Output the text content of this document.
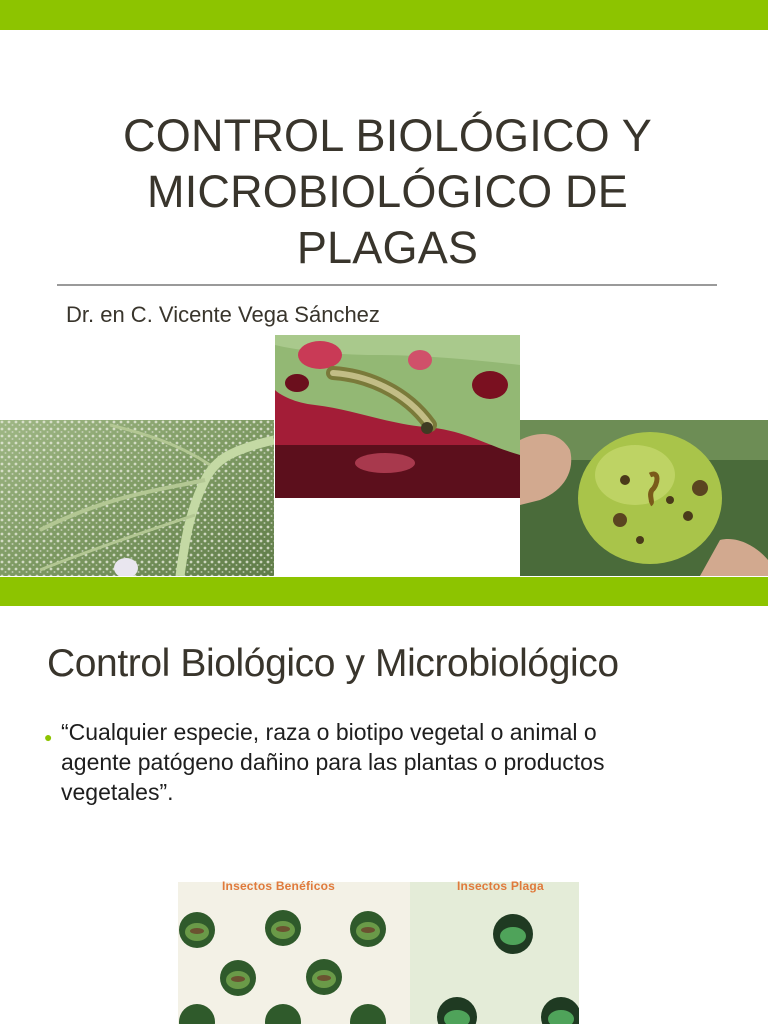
CONTROL BIOLÓGICO Y
MICROBIOLÓGICO DE
PLAGAS
Dr. en C. Vicente Vega Sánchez
Control Biológico y Microbiológico
● “Cualquier especie, raza o biotipo vegetal o animal o
agente patógeno dañino para las plantas o productos
vegetales”.
Insectos Benéficos	Insectos Plaga
